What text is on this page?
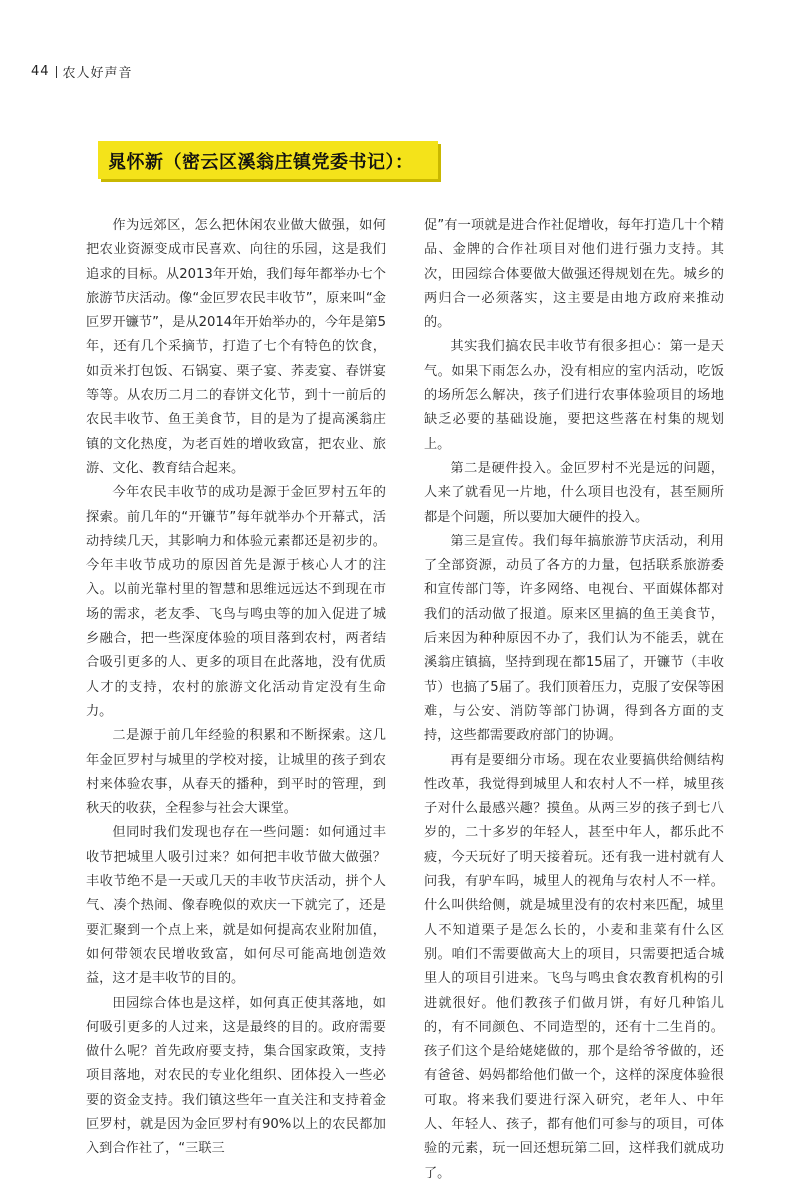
44 农人好声音
晁怀新（密云区溪翁庄镇党委书记）：

作为远郊区，怎么把休闲农业做大做强，如何把农业资源变成市民喜欢、向往的乐园，这是我们追求的目标。从2013年开始，我们每年都举办七个旅游节庆活动。像“金叵罗农民丰收节”，原来叫“金叵罗开镰节”，是从2014年开始举办的，今年是第5年，还有几个采摘节，打造了七个有特色的饮食，如贡米打包饭、石锅宴、栗子宴、荞麦宴、春饼宴等等。从农历二月二的春饼文化节，到十一前后的农民丰收节、鱼王美食节，目的是为了提高溪翁庄镇的文化热度，为老百姓的增收致富，把农业、旅游、文化、教育结合起来。

今年农民丰收节的成功是源于金叵罗村五年的探索。前几年的“开镰节”每年就举办个开幕式，活动持续几天，其影响力和体验元素都还是初步的。今年丰收节成功的原因首先是源于核心人才的注入。以前光靠村里的智慧和思维远远达不到现在市场的需求，老友季、飞鸟与鸣虫等的加入促进了城乡融合，把一些深度体验的项目落到农村，两者结合吸引更多的人、更多的项目在此落地，没有优质人才的支持，农村的旅游文化活动肯定没有生命力。

二是源于前几年经验的积累和不断探索。这几年金叵罗村与城里的学校对接，让城里的孩子到农村来体验农事，从春天的播种，到平时的管理，到秋天的收获，全程参与社会大课堂。

但同时我们发现也存在一些问题：如何通过丰收节把城里人吸引过来？如何把丰收节做大做强？丰收节绝不是一天或几天的丰收节庆活动，拼个人气、凑个热闹、像春晚似的欢庆一下就完了，还是要汇聚到一个点上来，就是如何提高农业附加值，如何带领农民增收致富，如何尽可能高地创造效益，这才是丰收节的目的。

田园综合体也是这样，如何真正使其落地，如何吸引更多的人过来，这是最终的目的。政府需要做什么呢？首先政府要支持，集合国家政策，支持项目落地，对农民的专业化组织、团体投入一些必要的资金支持。我们镇这些年一直关注和支持着金叵罗村，就是因为金叵罗村有90%以上的农民都加入到合作社了，“三联三

促”有一项就是进合作社促增收，每年打造几十个精品、金牌的合作社项目对他们进行强力支持。其次，田园综合体要做大做强还得规划在先。城乡的两归合一必须落实，这主要是由地方政府来推动的。

其实我们搞农民丰收节有很多担心：第一是天气。如果下雨怎么办，没有相应的室内活动，吃饭的场所怎么解决，孩子们进行农事体验项目的场地缺乏必要的基础设施，要把这些落在村集的规划上。

第二是硬件投入。金叵罗村不光是远的问题，人来了就看见一片地，什么项目也没有，甚至厕所都是个问题，所以要加大硬件的投入。

第三是宣传。我们每年搞旅游节庆活动，利用了全部资源，动员了各方的力量，包括联系旅游委和宣传部门等，许多网络、电视台、平面媒体都对我们的活动做了报道。原来区里搞的鱼王美食节，后来因为种种原因不办了，我们认为不能丢，就在溪翁庄镇搞，坚持到现在都15届了，开镰节（丰收节）也搞了5届了。我们顶着压力，克服了安保等困难，与公安、消防等部门协调，得到各方面的支持，这些都需要政府部门的协调。

再有是要细分市场。现在农业要搞供给侧结构性改革，我觉得到城里人和农村人不一样，城里孩子对什么最感兴趣？摸鱼。从两三岁的孩子到七八岁的，二十多岁的年轻人，甚至中年人，都乐此不疲，今天玩好了明天接着玩。还有我一进村就有人问我，有驴车吗，城里人的视角与农村人不一样。什么叫供给侧，就是城里没有的农村来匹配，城里人不知道栗子是怎么长的，小麦和韭菜有什么区别。咱们不需要做高大上的项目，只需要把适合城里人的项目引进来。飞鸟与鸣虫食农教育机构的引进就很好。他们教孩子们做月饼，有好几种馅儿的，有不同颜色、不同造型的，还有十二生肖的。孩子们这个是给姥姥做的，那个是给爷爷做的，还有爸爸、妈妈都给他们做一个，这样的深度体验很可取。将来我们要进行深入研究，老年人、中年人、年轻人、孩子，都有他们可参与的项目，可体验的元素，玩一回还想玩第二回，这样我们就成功了。
